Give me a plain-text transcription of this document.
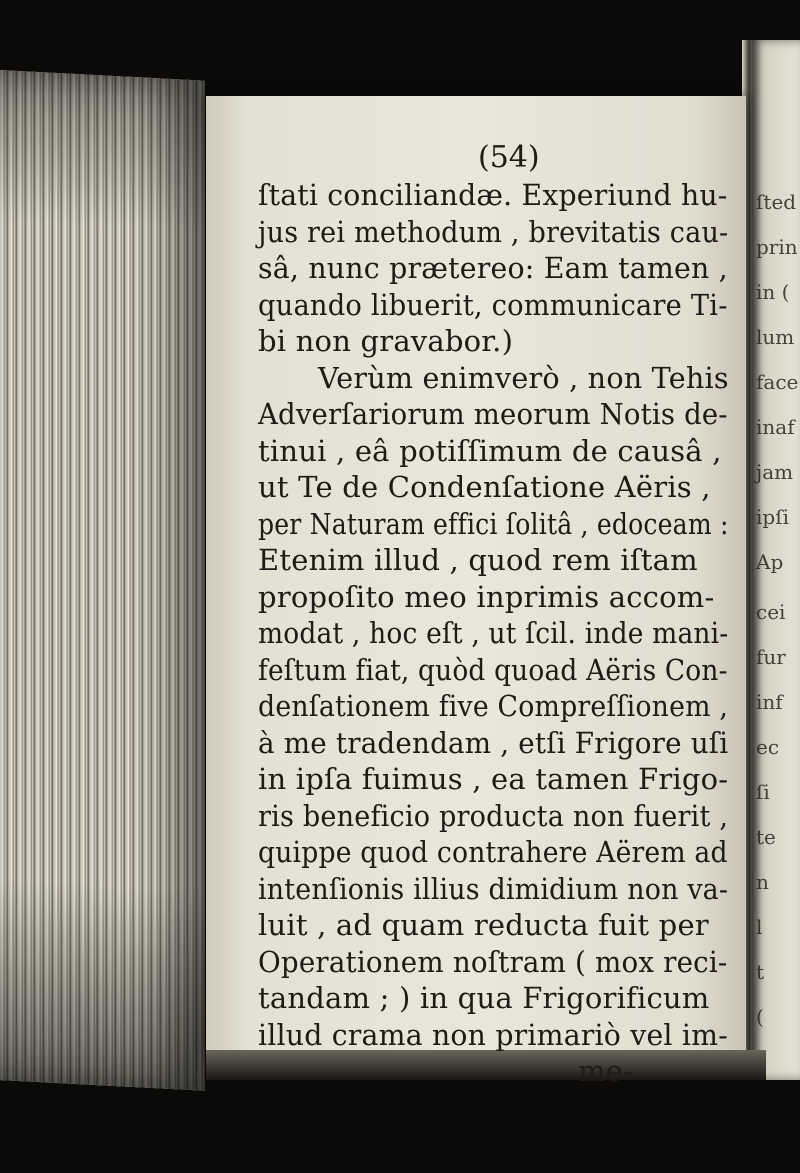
ſted

prin

in (

lum

face

inaf

jam

ipſi

Ap

cei

fur

inf

ec

ſi

te

n

l

t

(

(54)

ſtati conciliandæ. Experiund hu-

jus rei methodum , brevitatis cau-

sâ, nunc prætereo: Eam tamen ,

quando libuerit, communicare Ti-

bi non gravabor.)

Verùm enimverò , non Tehis

Adverſariorum meorum Notis de-

tinui , eâ potiſſimum de causâ ,

ut Te de Condenſatione Aëris ,

per Naturam effici ſolitâ , edoceam :

Etenim illud , quod rem iſtam

propoſito meo inprimis accom-

modat , hoc eſt , ut ſcil. inde mani-

feſtum fiat, quòd quoad Aëris Con-

denſationem five Compreſſionem ,

à me tradendam , etſi Frigore uſi

in ipſa fuimus , ea tamen Frigo-

ris beneficio producta non fuerit ,

quippe quod contrahere Aërem ad

intenſionis illius dimidium non va-

luit , ad quam reducta fuit per

Operationem noſtram ( mox reci-

tandam ; ) in qua Frigorificum

illud crama non primariò vel im-

me-
